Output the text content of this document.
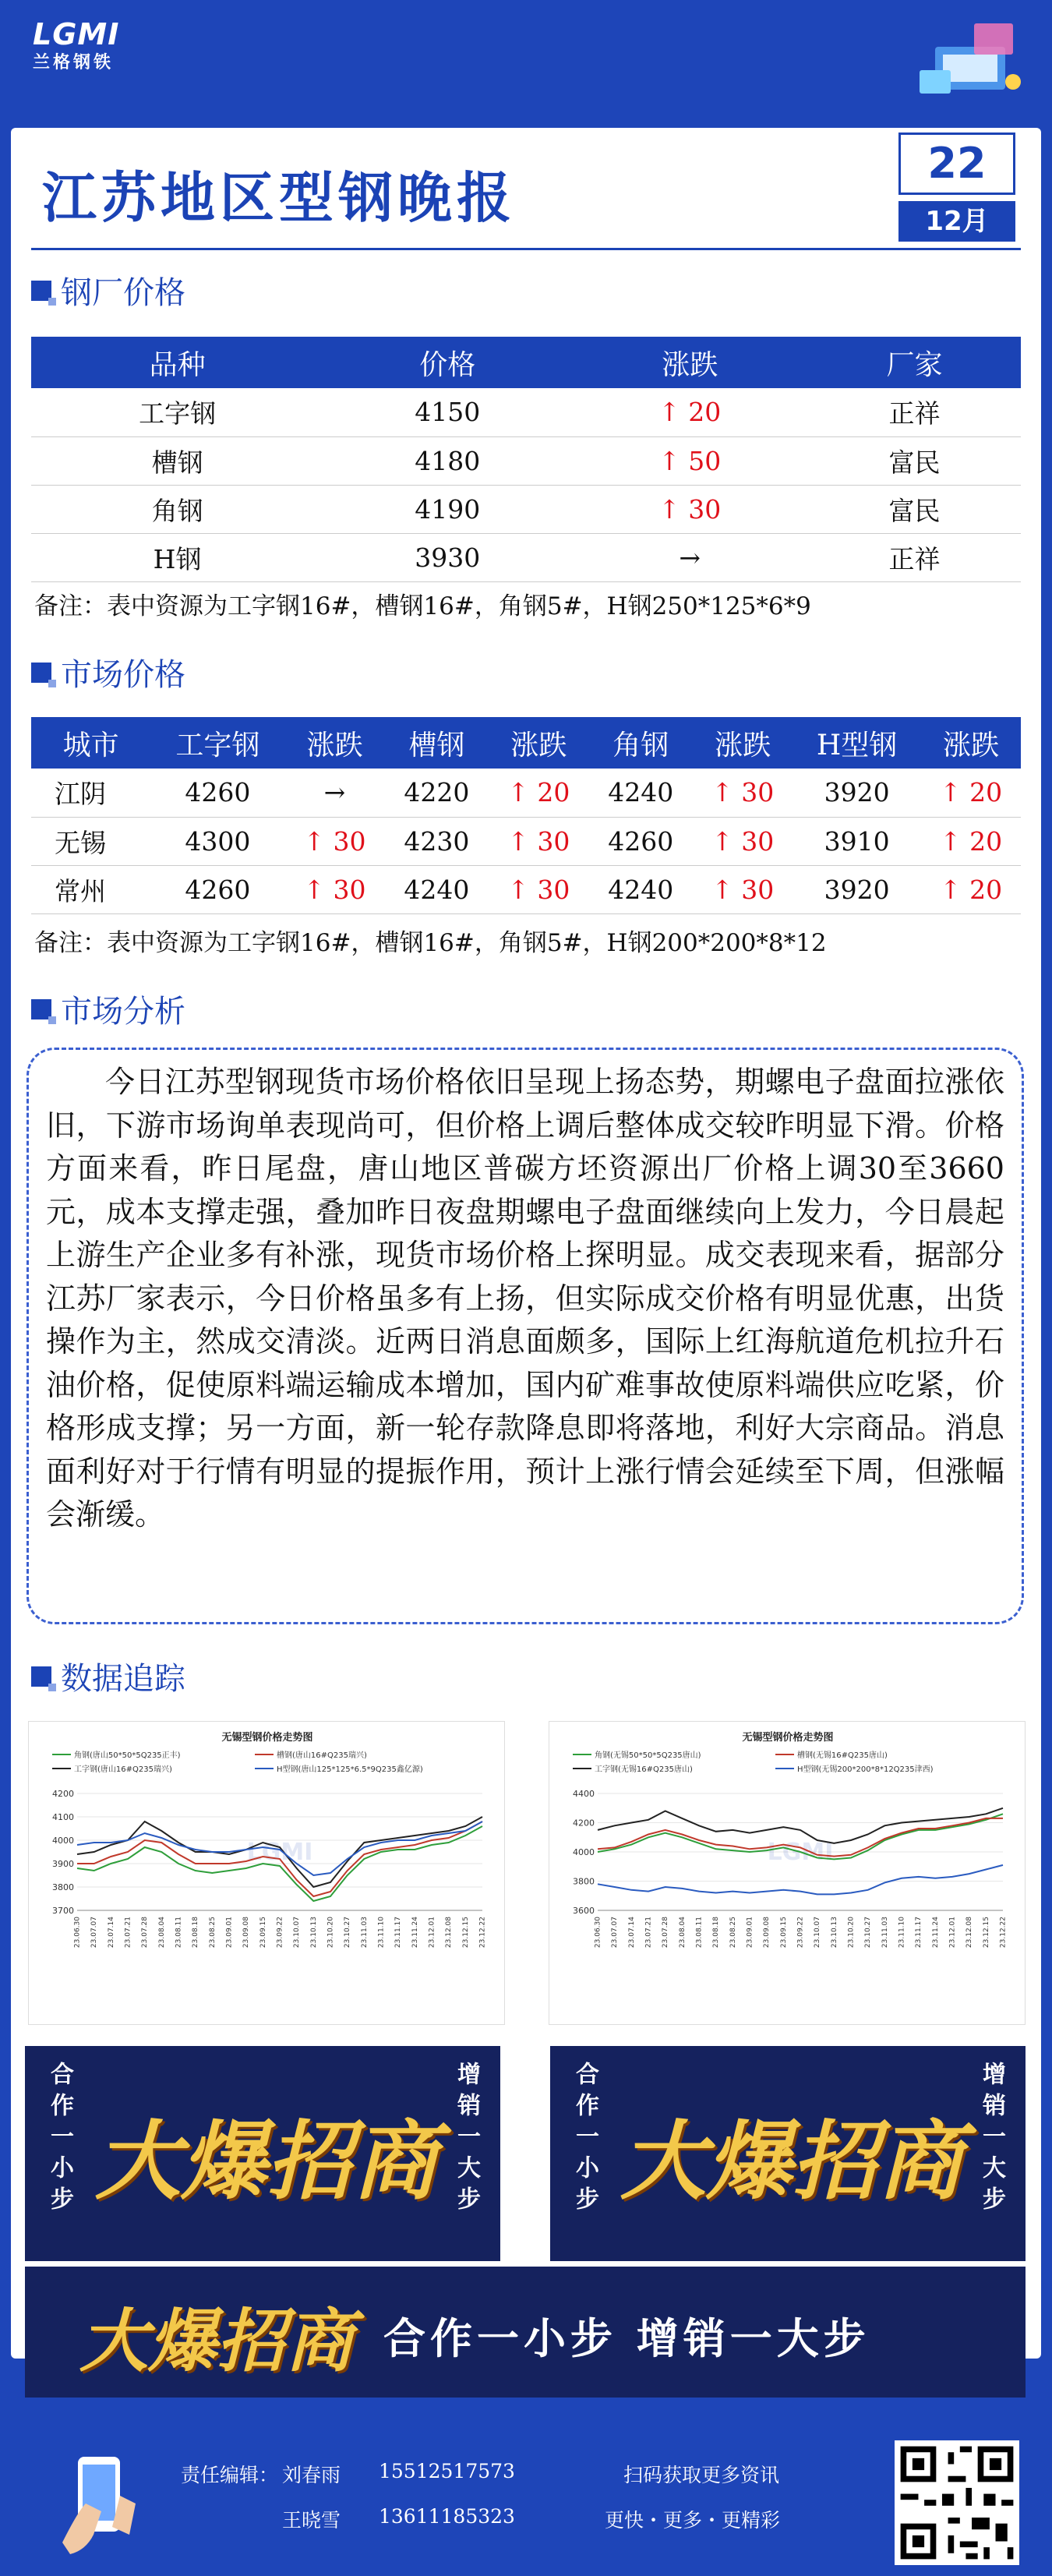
LGMI
兰格钢铁
江苏地区型钢晚报
22
12月
钢厂价格
品种	价格	涨跌	厂家
工字钢	4150	↑ 20	正祥
槽钢	4180	↑ 50	富民
角钢	4190	↑ 30	富民
H钢	3930	→	正祥
备注：表中资源为工字钢16#，槽钢16#，角钢5#，H钢250*125*6*9
市场价格
城市	工字钢	涨跌	槽钢	涨跌	角钢	涨跌	H型钢	涨跌
江阴	4260	→	4220	↑ 20	4240	↑ 30	3920	↑ 20
无锡	4300	↑ 30	4230	↑ 30	4260	↑ 30	3910	↑ 20
常州	4260	↑ 30	4240	↑ 30	4240	↑ 30	3920	↑ 20
备注：表中资源为工字钢16#，槽钢16#，角钢5#，H钢200*200*8*12
市场分析
今日江苏型钢现货市场价格依旧呈现上扬态势，期螺电子盘面拉涨依旧，下游市场询单表现尚可，但价格上调后整体成交较昨明显下滑。价格方面来看，昨日尾盘，唐山地区普碳方坯资源出厂价格上调30至3660元，成本支撑走强，叠加昨日夜盘期螺电子盘面继续向上发力，今日晨起上游生产企业多有补涨，现货市场价格上探明显。成交表现来看，据部分江苏厂家表示，今日价格虽多有上扬，但实际成交价格有明显优惠，出货操作为主，然成交清淡。近两日消息面颇多，国际上红海航道危机拉升石油价格，促使原料端运输成本增加，国内矿难事故使原料端供应吃紧，价格形成支撑；另一方面，新一轮存款降息即将落地，利好大宗商品。消息面利好对于行情有明显的提振作用，预计上涨行情会延续至下周，但涨幅会渐缓。
数据追踪
无锡型钢价格走势图
角钢(唐山50*50*5Q235正丰)	槽钢(唐山16#Q235瑞兴)
工字钢(唐山16#Q235瑞兴)	H型钢(唐山125*125*6.5*9Q235鑫亿源)
3700
3800
3900
4000
4100
4200
23.06.30 23.07.07 23.07.14 23.07.21 23.07.28 23.08.04 23.08.11 23.08.18 23.08.25 23.09.01 23.09.08 23.09.15 23.09.22 23.10.07 23.10.13 23.10.20 23.10.27 23.11.03 23.11.10 23.11.17 23.11.24 23.12.01 23.12.08 23.12.15 23.12.22
LGMI
无锡型钢价格走势图
角钢(无锡50*50*5Q235唐山)	槽钢(无锡16#Q235唐山)
工字钢(无锡16#Q235唐山)	H型钢(无锡200*200*8*12Q235津西)
3600
3800
4000
4200
4400
23.06.30 23.07.07 23.07.14 23.07.21 23.07.28 23.08.04 23.08.11 23.08.18 23.08.25 23.09.01 23.09.08 23.09.15 23.09.22 23.10.07 23.10.13 23.10.20 23.10.27 23.11.03 23.11.10 23.11.17 23.11.24 23.12.01 23.12.08 23.12.15 23.12.22
LGMI
合作一小步 大爆招商 增销一大步	合作一小步 大爆招商 增销一大步
大爆招商 合作一小步 增销一大步
责任编辑： 刘春雨 15512517573
王晓雪 13611185323
扫码获取更多资讯
更快・更多・更精彩
